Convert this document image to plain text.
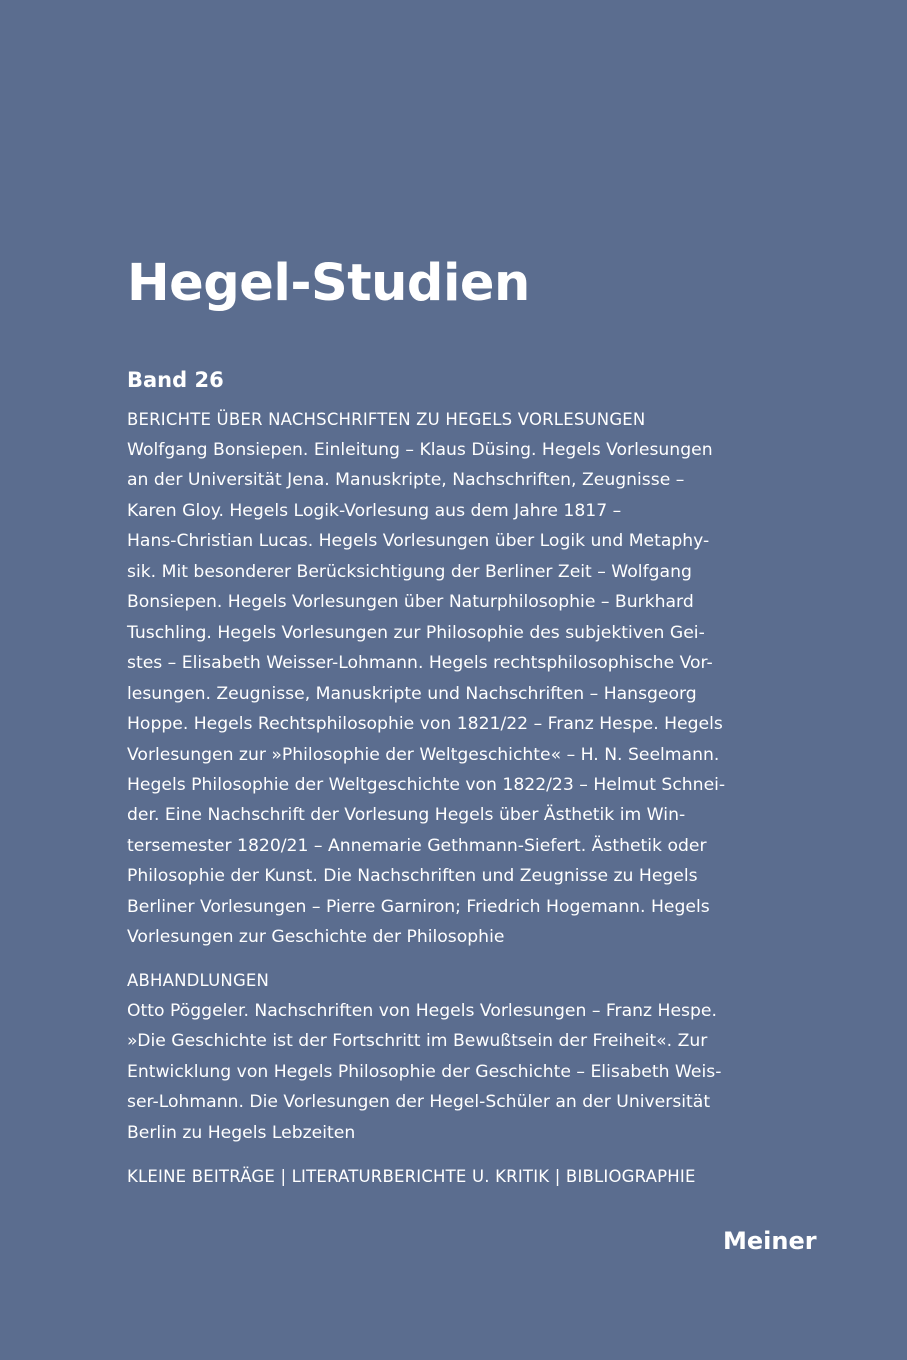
Hegel-Studien
Band 26
BERICHTE ÜBER NACHSCHRIFTEN ZU HEGELS VORLESUNGEN
Wolfgang Bonsiepen. Einleitung – Klaus Düsing. Hegels Vorlesungen
an der Universität Jena. Manuskripte, Nachschriften, Zeugnisse –
Karen Gloy. Hegels Logik-Vorlesung aus dem Jahre 1817 –
Hans-Christian Lucas. Hegels Vorlesungen über Logik und Metaphy-
sik. Mit besonderer Berücksichtigung der Berliner Zeit – Wolfgang
Bonsiepen. Hegels Vorlesungen über Naturphilosophie – Burkhard
Tuschling. Hegels Vorlesungen zur Philosophie des subjektiven Gei-
stes – Elisabeth Weisser-Lohmann. Hegels rechtsphilosophische Vor-
lesungen. Zeugnisse, Manuskripte und Nachschriften – Hansgeorg
Hoppe. Hegels Rechtsphilosophie von 1821/22 – Franz Hespe. Hegels
Vorlesungen zur »Philosophie der Weltgeschichte« – H. N. Seelmann.
Hegels Philosophie der Weltgeschichte von 1822/23 – Helmut Schnei-
der. Eine Nachschrift der Vorlesung Hegels über Ästhetik im Win-
tersemester 1820/21 – Annemarie Gethmann-Siefert. Ästhetik oder
Philosophie der Kunst. Die Nachschriften und Zeugnisse zu Hegels
Berliner Vorlesungen – Pierre Garniron; Friedrich Hogemann. Hegels
Vorlesungen zur Geschichte der Philosophie
ABHANDLUNGEN
Otto Pöggeler. Nachschriften von Hegels Vorlesungen – Franz Hespe.
»Die Geschichte ist der Fortschritt im Bewußtsein der Freiheit«. Zur
Entwicklung von Hegels Philosophie der Geschichte – Elisabeth Weis-
ser-Lohmann. Die Vorlesungen der Hegel-Schüler an der Universität
Berlin zu Hegels Lebzeiten
KLEINE BEITRÄGE | LITERATURBERICHTE U. KRITIK | BIBLIOGRAPHIE
Meiner
